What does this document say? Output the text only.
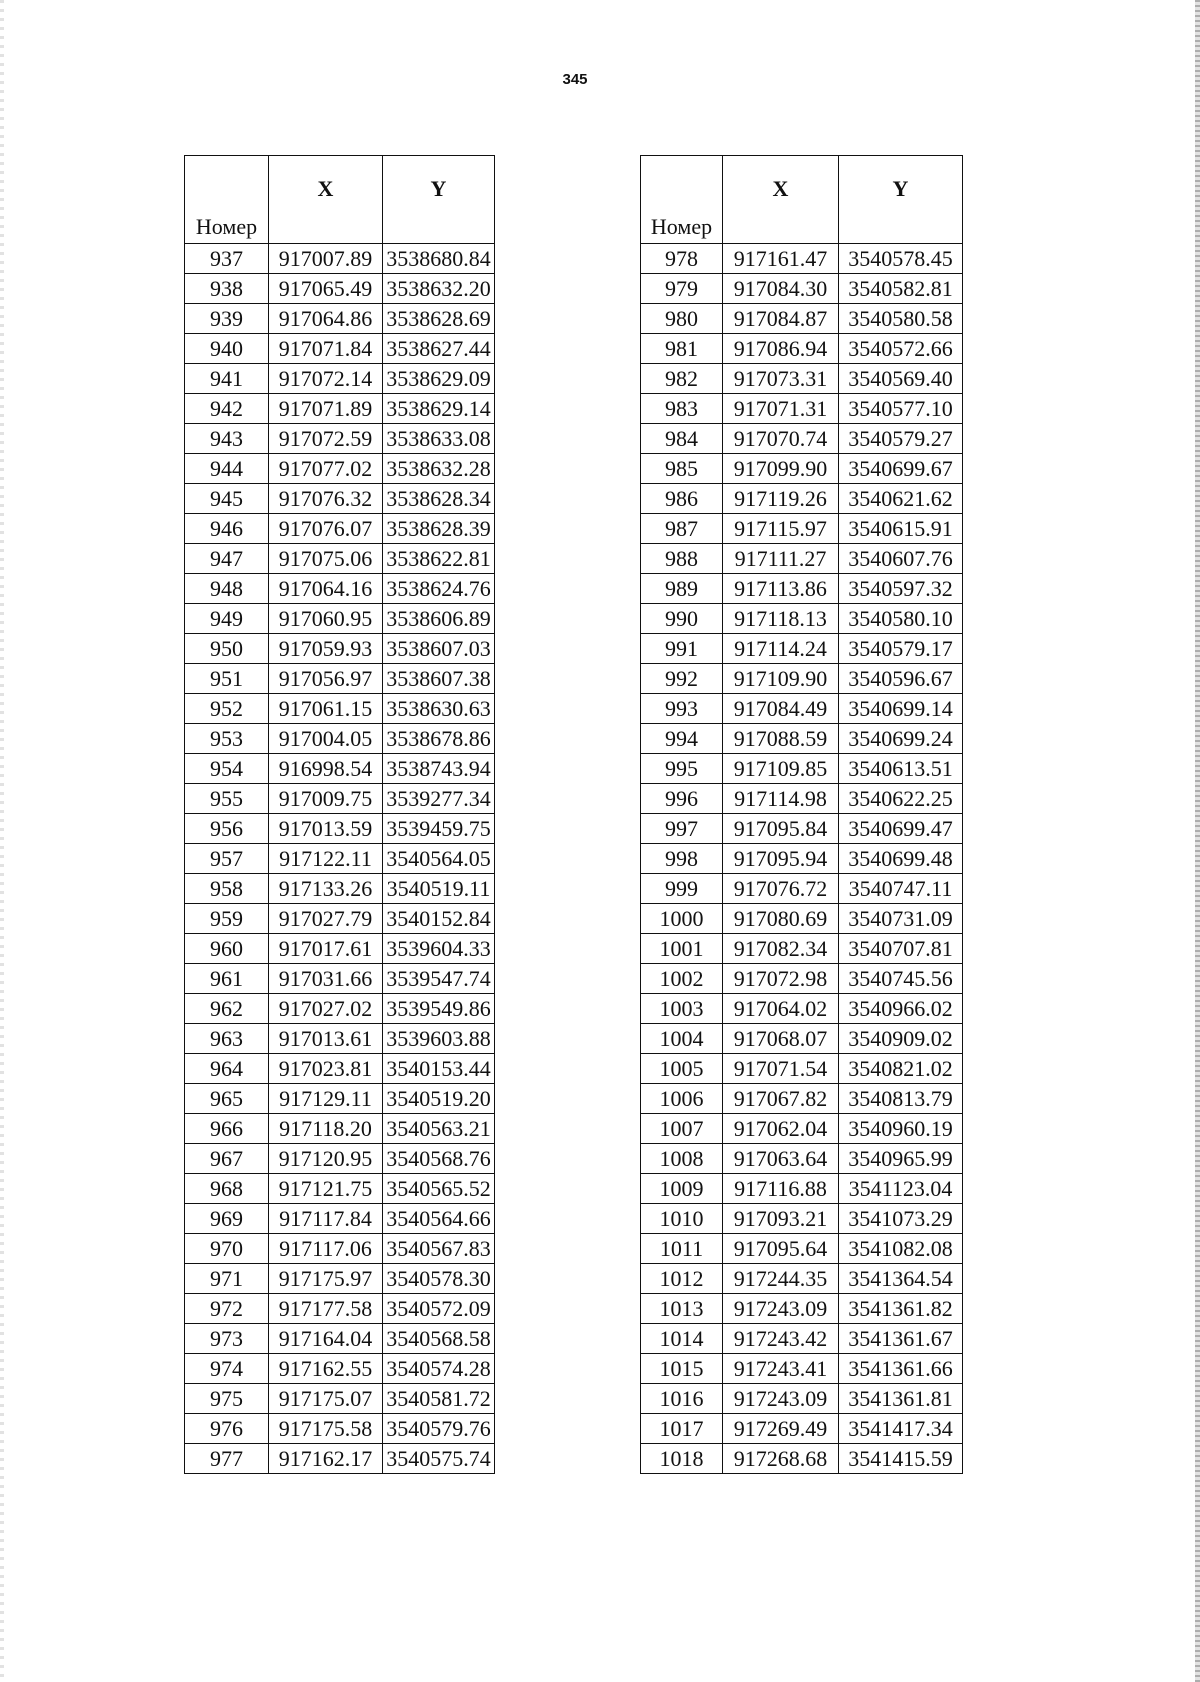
345
Номер	X	Y
937	917007.89	3538680.84
938	917065.49	3538632.20
939	917064.86	3538628.69
940	917071.84	3538627.44
941	917072.14	3538629.09
942	917071.89	3538629.14
943	917072.59	3538633.08
944	917077.02	3538632.28
945	917076.32	3538628.34
946	917076.07	3538628.39
947	917075.06	3538622.81
948	917064.16	3538624.76
949	917060.95	3538606.89
950	917059.93	3538607.03
951	917056.97	3538607.38
952	917061.15	3538630.63
953	917004.05	3538678.86
954	916998.54	3538743.94
955	917009.75	3539277.34
956	917013.59	3539459.75
957	917122.11	3540564.05
958	917133.26	3540519.11
959	917027.79	3540152.84
960	917017.61	3539604.33
961	917031.66	3539547.74
962	917027.02	3539549.86
963	917013.61	3539603.88
964	917023.81	3540153.44
965	917129.11	3540519.20
966	917118.20	3540563.21
967	917120.95	3540568.76
968	917121.75	3540565.52
969	917117.84	3540564.66
970	917117.06	3540567.83
971	917175.97	3540578.30
972	917177.58	3540572.09
973	917164.04	3540568.58
974	917162.55	3540574.28
975	917175.07	3540581.72
976	917175.58	3540579.76
977	917162.17	3540575.74
Номер	X	Y
978	917161.47	3540578.45
979	917084.30	3540582.81
980	917084.87	3540580.58
981	917086.94	3540572.66
982	917073.31	3540569.40
983	917071.31	3540577.10
984	917070.74	3540579.27
985	917099.90	3540699.67
986	917119.26	3540621.62
987	917115.97	3540615.91
988	917111.27	3540607.76
989	917113.86	3540597.32
990	917118.13	3540580.10
991	917114.24	3540579.17
992	917109.90	3540596.67
993	917084.49	3540699.14
994	917088.59	3540699.24
995	917109.85	3540613.51
996	917114.98	3540622.25
997	917095.84	3540699.47
998	917095.94	3540699.48
999	917076.72	3540747.11
1000	917080.69	3540731.09
1001	917082.34	3540707.81
1002	917072.98	3540745.56
1003	917064.02	3540966.02
1004	917068.07	3540909.02
1005	917071.54	3540821.02
1006	917067.82	3540813.79
1007	917062.04	3540960.19
1008	917063.64	3540965.99
1009	917116.88	3541123.04
1010	917093.21	3541073.29
1011	917095.64	3541082.08
1012	917244.35	3541364.54
1013	917243.09	3541361.82
1014	917243.42	3541361.67
1015	917243.41	3541361.66
1016	917243.09	3541361.81
1017	917269.49	3541417.34
1018	917268.68	3541415.59
